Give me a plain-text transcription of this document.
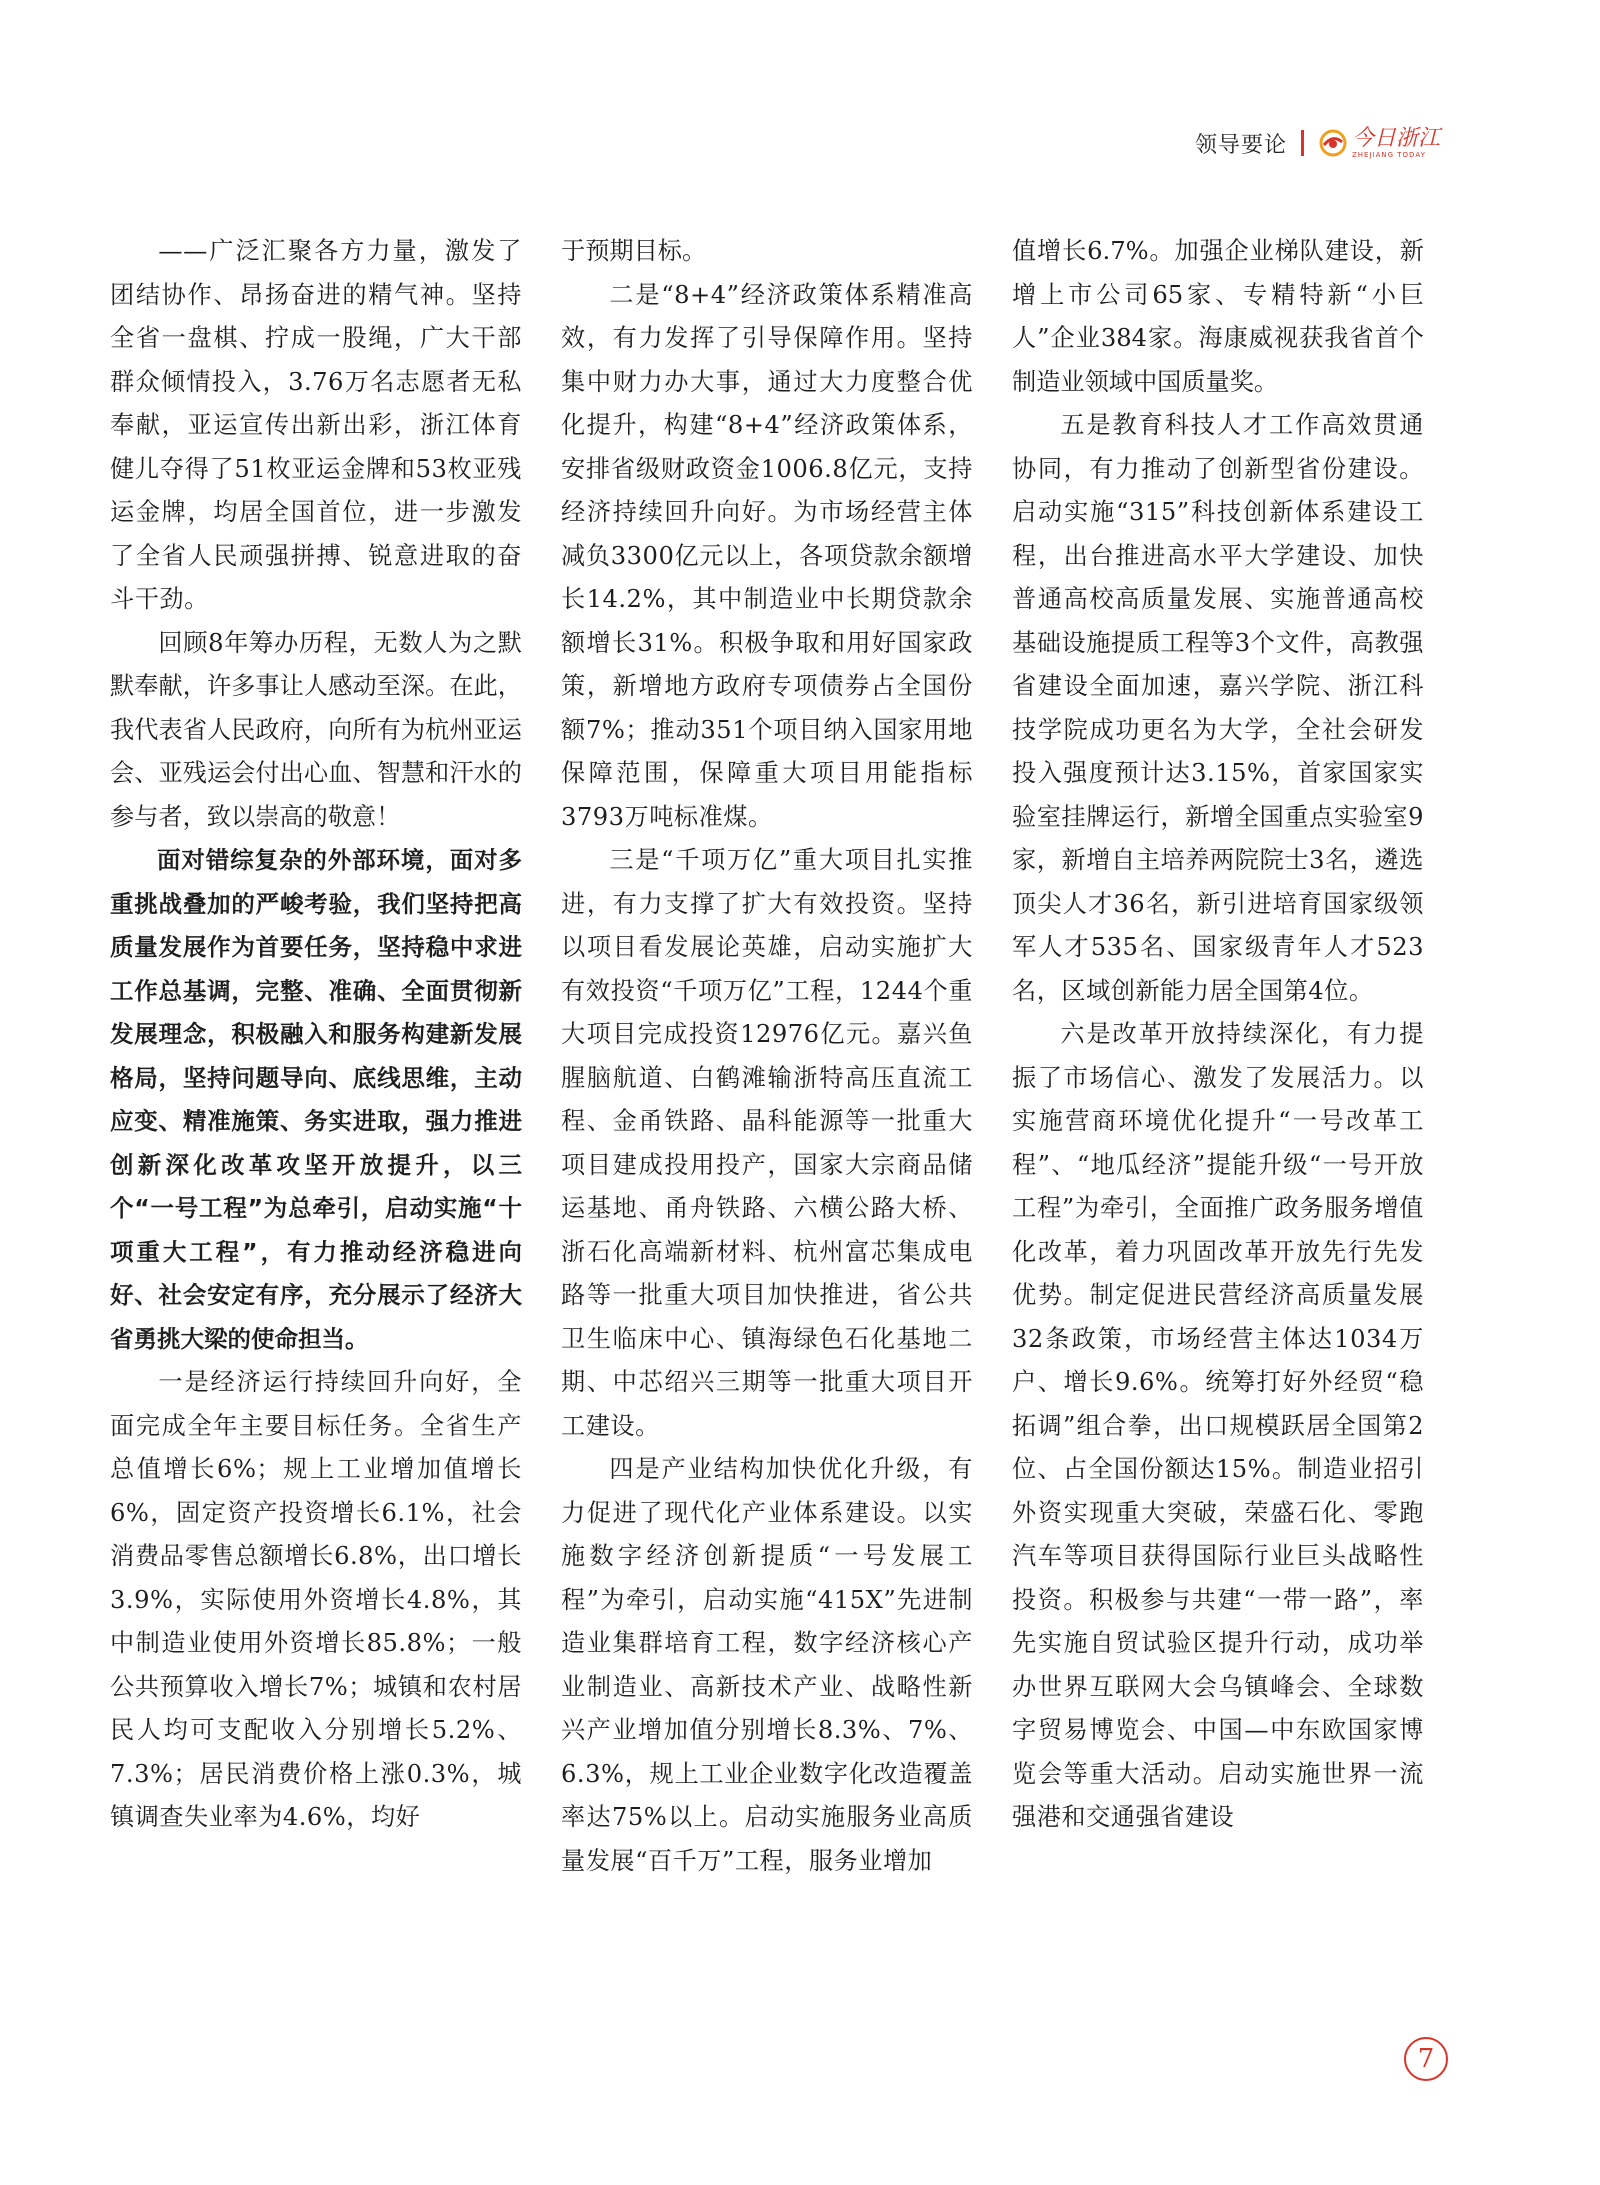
领导要论	今日浙江
ZHEJIANG TODAY

——广泛汇聚各方力量，激发了团结协作、昂扬奋进的精气神。坚持全省一盘棋、拧成一股绳，广大干部群众倾情投入，3.76万名志愿者无私奉献，亚运宣传出新出彩，浙江体育健儿夺得了51枚亚运金牌和53枚亚残运金牌，均居全国首位，进一步激发了全省人民顽强拼搏、锐意进取的奋斗干劲。

回顾8年筹办历程，无数人为之默默奉献，许多事让人感动至深。在此，我代表省人民政府，向所有为杭州亚运会、亚残运会付出心血、智慧和汗水的参与者，致以崇高的敬意！

面对错综复杂的外部环境，面对多重挑战叠加的严峻考验，我们坚持把高质量发展作为首要任务，坚持稳中求进工作总基调，完整、准确、全面贯彻新发展理念，积极融入和服务构建新发展格局，坚持问题导向、底线思维，主动应变、精准施策、务实进取，强力推进创新深化改革攻坚开放提升，以三个“一号工程”为总牵引，启动实施“十项重大工程”，有力推动经济稳进向好、社会安定有序，充分展示了经济大省勇挑大梁的使命担当。

一是经济运行持续回升向好，全面完成全年主要目标任务。全省生产总值增长6%；规上工业增加值增长6%，固定资产投资增长6.1%，社会消费品零售总额增长6.8%，出口增长3.9%，实际使用外资增长4.8%，其中制造业使用外资增长85.8%；一般公共预算收入增长7%；城镇和农村居民人均可支配收入分别增长5.2%、7.3%；居民消费价格上涨0.3%，城镇调查失业率为4.6%，均好

于预期目标。

二是“8+4”经济政策体系精准高效，有力发挥了引导保障作用。坚持集中财力办大事，通过大力度整合优化提升，构建“8+4”经济政策体系，安排省级财政资金1006.8亿元，支持经济持续回升向好。为市场经营主体减负3300亿元以上，各项贷款余额增长14.2%，其中制造业中长期贷款余额增长31%。积极争取和用好国家政策，新增地方政府专项债券占全国份额7%；推动351个项目纳入国家用地保障范围，保障重大项目用能指标3793万吨标准煤。

三是“千项万亿”重大项目扎实推进，有力支撑了扩大有效投资。坚持以项目看发展论英雄，启动实施扩大有效投资“千项万亿”工程，1244个重大项目完成投资12976亿元。嘉兴鱼腥脑航道、白鹤滩输浙特高压直流工程、金甬铁路、晶科能源等一批重大项目建成投用投产，国家大宗商品储运基地、甬舟铁路、六横公路大桥、浙石化高端新材料、杭州富芯集成电路等一批重大项目加快推进，省公共卫生临床中心、镇海绿色石化基地二期、中芯绍兴三期等一批重大项目开工建设。

四是产业结构加快优化升级，有力促进了现代化产业体系建设。以实施数字经济创新提质“一号发展工程”为牵引，启动实施“415X”先进制造业集群培育工程，数字经济核心产业制造业、高新技术产业、战略性新兴产业增加值分别增长8.3%、7%、6.3%，规上工业企业数字化改造覆盖率达75%以上。启动实施服务业高质量发展“百千万”工程，服务业增加

值增长6.7%。加强企业梯队建设，新增上市公司65家、专精特新“小巨人”企业384家。海康威视获我省首个制造业领域中国质量奖。

五是教育科技人才工作高效贯通协同，有力推动了创新型省份建设。启动实施“315”科技创新体系建设工程，出台推进高水平大学建设、加快普通高校高质量发展、实施普通高校基础设施提质工程等3个文件，高教强省建设全面加速，嘉兴学院、浙江科技学院成功更名为大学，全社会研发投入强度预计达3.15%，首家国家实验室挂牌运行，新增全国重点实验室9家，新增自主培养两院院士3名，遴选顶尖人才36名，新引进培育国家级领军人才535名、国家级青年人才523名，区域创新能力居全国第4位。

六是改革开放持续深化，有力提振了市场信心、激发了发展活力。以实施营商环境优化提升“一号改革工程”、“地瓜经济”提能升级“一号开放工程”为牵引，全面推广政务服务增值化改革，着力巩固改革开放先行先发优势。制定促进民营经济高质量发展32条政策，市场经营主体达1034万户、增长9.6%。统筹打好外经贸“稳拓调”组合拳，出口规模跃居全国第2位、占全国份额达15%。制造业招引外资实现重大突破，荣盛石化、零跑汽车等项目获得国际行业巨头战略性投资。积极参与共建“一带一路”，率先实施自贸试验区提升行动，成功举办世界互联网大会乌镇峰会、全球数字贸易博览会、中国—中东欧国家博览会等重大活动。启动实施世界一流强港和交通强省建设

7
